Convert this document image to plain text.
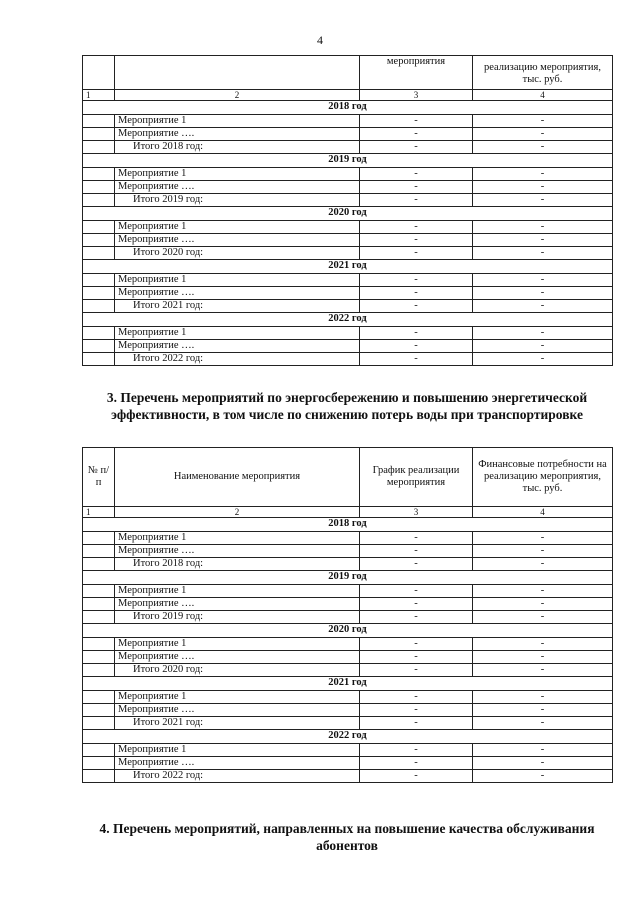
4
		мероприятия	реализацию мероприятия, тыс. руб.
1	2	3	4
2018 год			
	Мероприятие 1	-	-
	Мероприятие ….	-	-
	Итого 2018 год:	-	-
2019 год			
	Мероприятие 1	-	-
	Мероприятие ….	-	-
	Итого 2019 год:	-	-
2020 год			
	Мероприятие 1	-	-
	Мероприятие ….	-	-
	Итого 2020 год:	-	-
2021 год			
	Мероприятие 1	-	-
	Мероприятие ….	-	-
	Итого 2021 год:	-	-
2022 год			
	Мероприятие 1	-	-
	Мероприятие ….	-	-
	Итого 2022 год:	-	-
3. Перечень мероприятий по энергосбережению и повышению энергетической эффективности, в том числе по снижению потерь воды при транспортировке
№ п/п	Наименование мероприятия	График реализации мероприятия	Финансовые потребности на реализацию мероприятия, тыс. руб.
1	2	3	4
2018 год			
	Мероприятие 1	-	-
	Мероприятие ….	-	-
	Итого 2018 год:	-	-
2019 год			
	Мероприятие 1	-	-
	Мероприятие ….	-	-
	Итого 2019 год:	-	-
2020 год			
	Мероприятие 1	-	-
	Мероприятие ….	-	-
	Итого 2020 год:	-	-
2021 год			
	Мероприятие 1	-	-
	Мероприятие ….	-	-
	Итого 2021 год:	-	-
2022 год			
	Мероприятие 1	-	-
	Мероприятие ….	-	-
	Итого 2022 год:	-	-
4. Перечень мероприятий, направленных на повышение качества обслуживания абонентов
